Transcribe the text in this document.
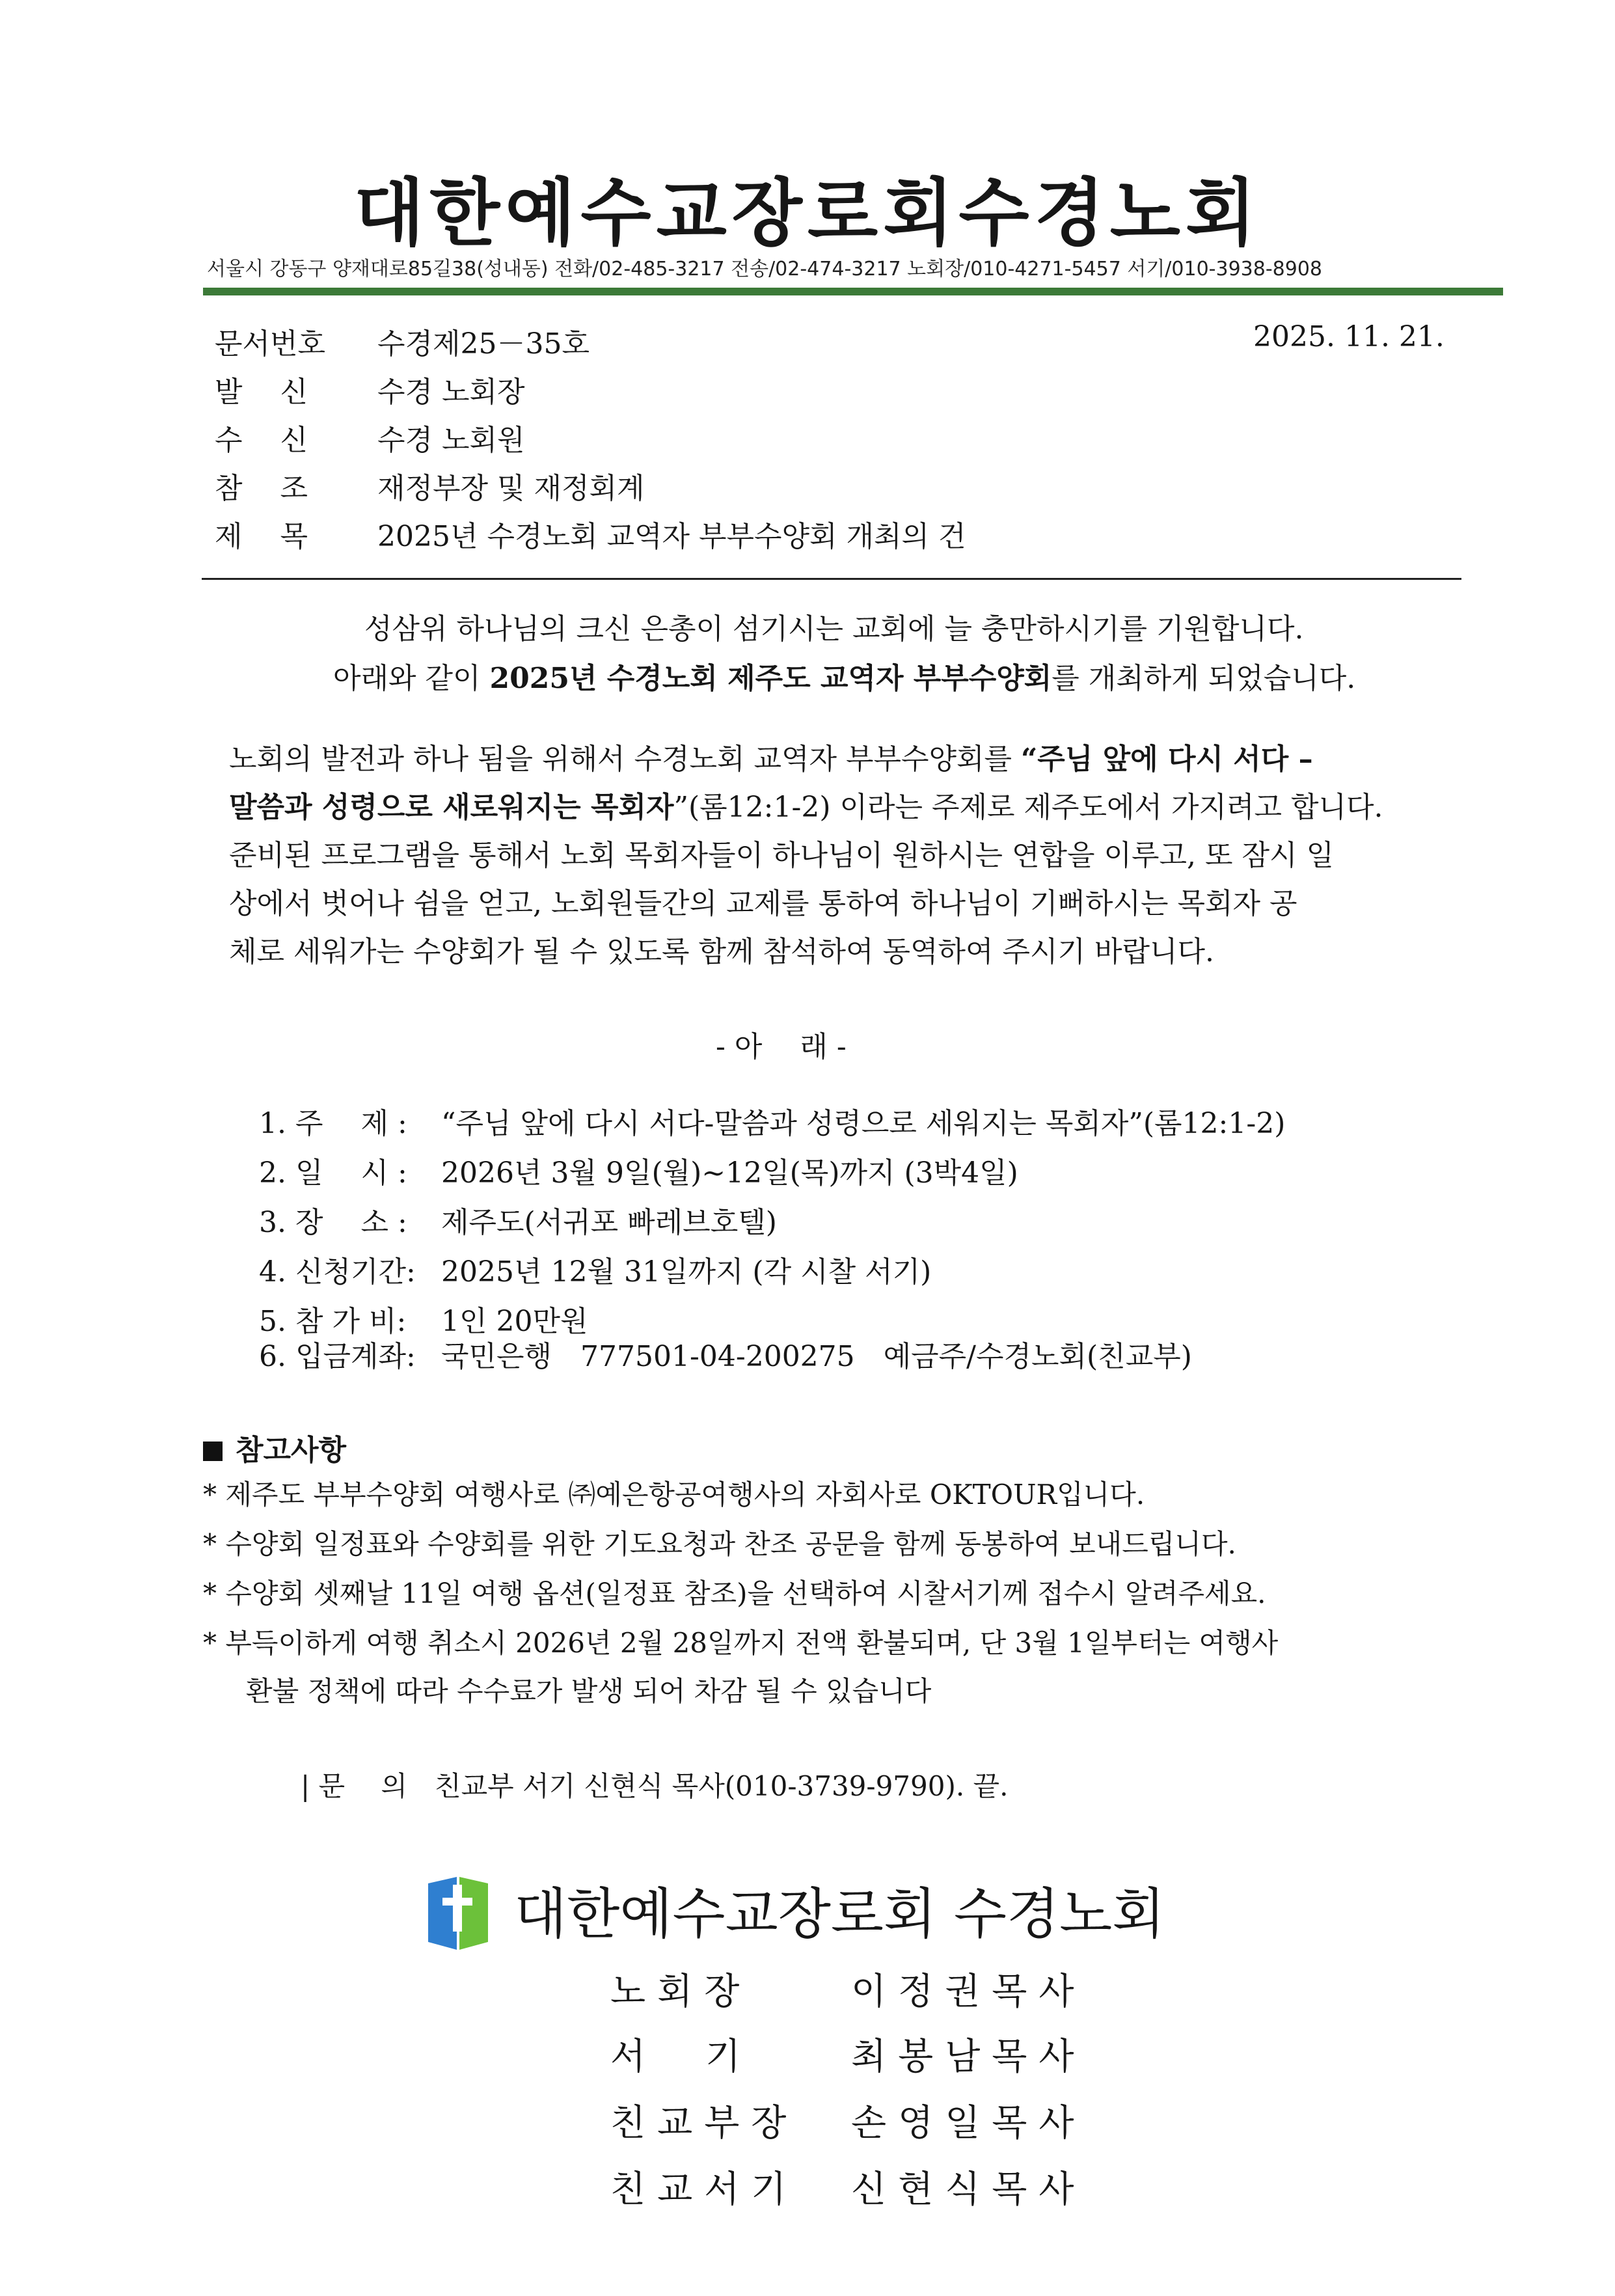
대한예수교장로회수경노회
서울시 강동구 양재대로85길38(성내동) 전화/02-485-3217 전송/02-474-3217 노회장/010-4271-5457 서기/010-3938-8908
문서번호 수경제25－35호	2025. 11. 21.
발　 신 수경 노회장
수　 신 수경 노회원
참　 조 재정부장 및 재정회계
제　 목 2025년 수경노회 교역자 부부수양회 개최의 건
성삼위 하나님의 크신 은총이 섬기시는 교회에 늘 충만하시기를 기원합니다.
아래와 같이 2025년 수경노회 제주도 교역자 부부수양회를 개최하게 되었습니다.
노회의 발전과 하나 됨을 위해서 수경노회 교역자 부부수양회를 “주님 앞에 다시 서다 –
말씀과 성령으로 새로워지는 목회자”(롬12:1-2) 이라는 주제로 제주도에서 가지려고 합니다.
준비된 프로그램을 통해서 노회 목회자들이 하나님이 원하시는 연합을 이루고, 또 잠시 일
상에서 벗어나 쉼을 얻고, 노회원들간의 교제를 통하여 하나님이 기뻐하시는 목회자 공
체로 세워가는 수양회가 될 수 있도록 함께 참석하여 동역하여 주시기 바랍니다.
- 아　 래 -
1. 주　 제 : “주님 앞에 다시 서다-말씀과 성령으로 세워지는 목회자”(롬12:1-2)
2. 일　 시 : 2026년 3월 9일(월)~12일(목)까지 (3박4일)
3. 장　 소 : 제주도(서귀포 빠레브호텔)
4. 신청기간: 2025년 12월 31일까지 (각 시찰 서기)
5. 참 가 비: 1인 20만원
6. 입금계좌: 국민은행　777501-04-200275　예금주/수경노회(친교부)
참고사항
* 제주도 부부수양회 여행사로 ㈜예은항공여행사의 자회사로 OKTOUR입니다.
* 수양회 일정표와 수양회를 위한 기도요청과 찬조 공문을 함께 동봉하여 보내드립니다.
* 수양회 셋째날 11일 여행 옵션(일정표 참조)을 선택하여 시찰서기께 접수시 알려주세요.
* 부득이하게 여행 취소시 2026년 2월 28일까지 전액 환불되며, 단 3월 1일부터는 여행사
환불 정책에 따라 수수료가 발생 되어 차감 될 수 있습니다
| 문　 의　친교부 서기 신현식 목사(010-3739-9790). 끝.
대한예수교장로회 수경노회
노회장	이정권목사
서　기	최봉남목사
친교부장 손영일목사
친교서기 신현식목사
